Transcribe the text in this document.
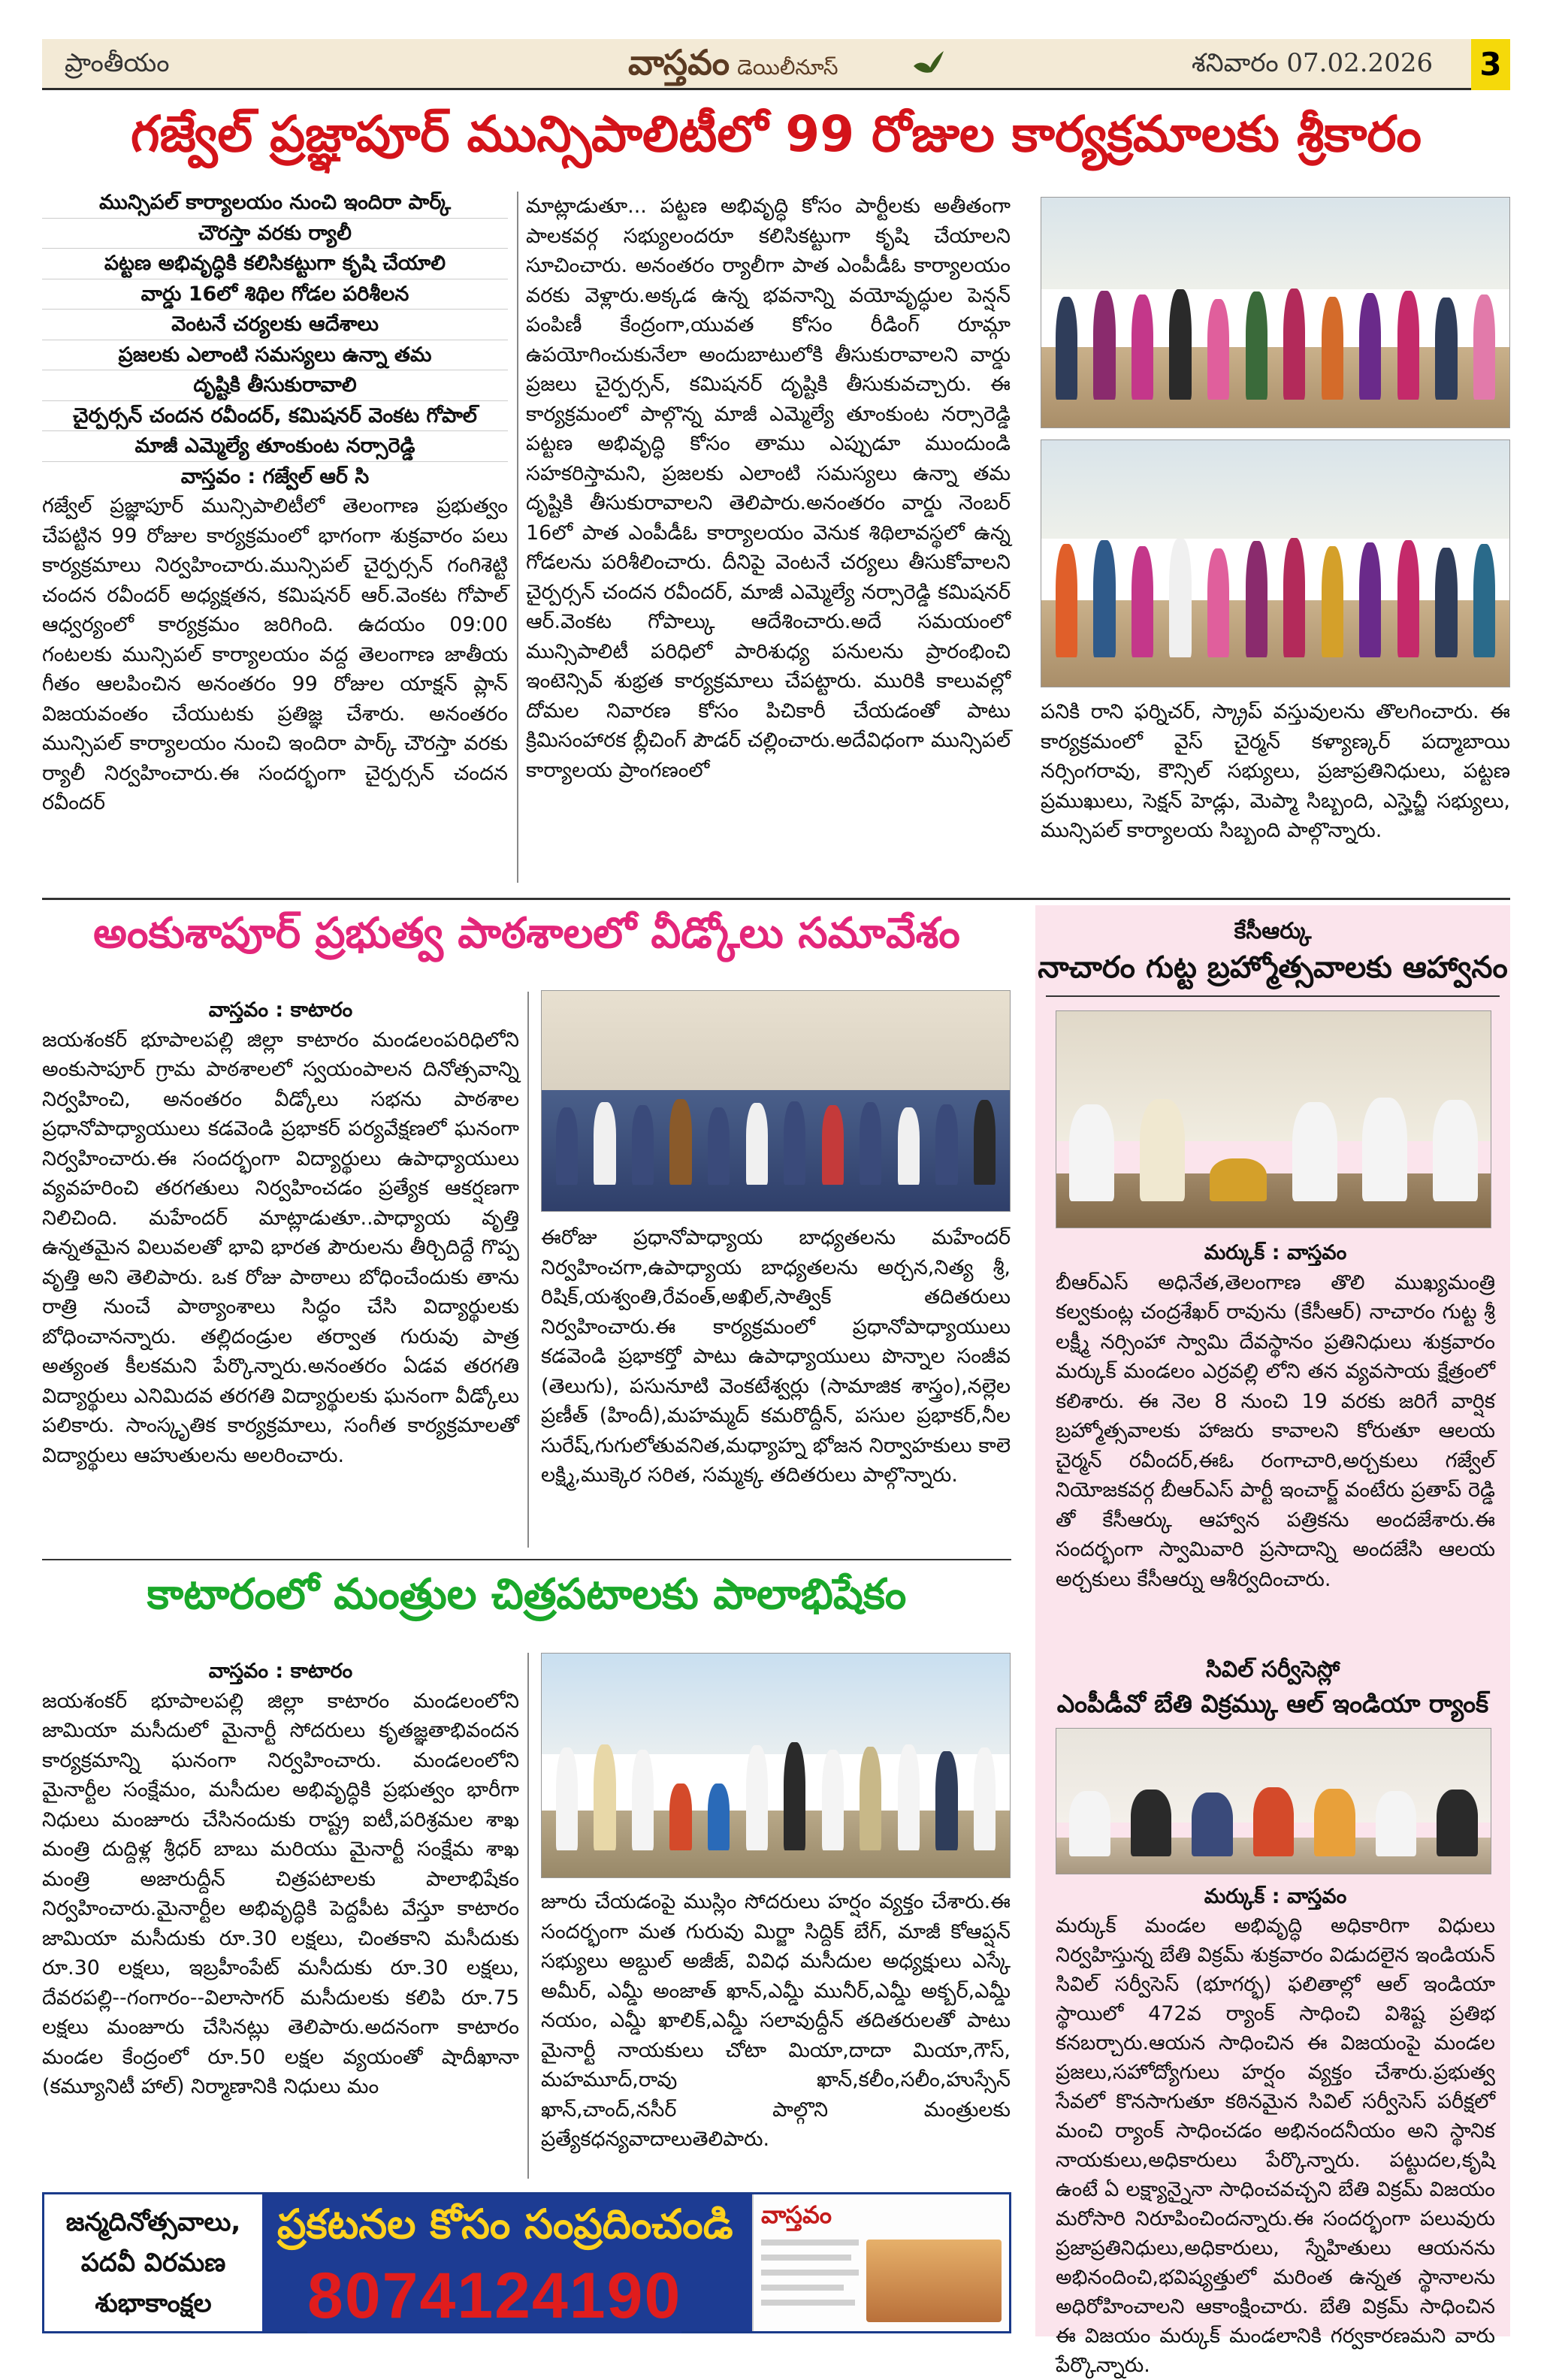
ప్రాంతీయం	వాస్తవం డెయిలీనూస్	శనివారం 07.02.2026 3
గజ్వేల్ ప్రజ్ఞాపూర్ మున్సిపాలిటీలో 99 రోజుల కార్యక్రమాలకు శ్రీకారం
మున్సిపల్ కార్యాలయం నుంచి ఇందిరా పార్క్
చౌరస్తా వరకు ర్యాలీ
పట్టణ అభివృద్ధికి కలిసికట్టుగా కృషి చేయాలి
వార్డు 16లో శిథిల గోడల పరిశీలన
వెంటనే చర్యలకు ఆదేశాలు
ప్రజలకు ఎలాంటి సమస్యలు ఉన్నా తమ
దృష్టికి తీసుకురావాలి
చైర్పర్సన్ చందన రవీందర్, కమిషనర్ వెంకట గోపాల్
మాజీ ఎమ్మెల్యే తూంకుంట నర్సారెడ్డి

వాస్తవం : గజ్వేల్ ఆర్ సి

గజ్వేల్ ప్రజ్ఞాపూర్ మున్సిపాలిటీలో తెలంగాణ ప్రభుత్వం చేపట్టిన 99 రోజుల కార్యక్రమంలో భాగంగా శుక్రవారం పలు కార్యక్రమాలు నిర్వహించారు.మున్సిపల్ చైర్పర్సన్ గంగిశెట్టి చందన రవీందర్ అధ్యక్షతన, కమిషనర్ ఆర్.వెంకట గోపాల్ ఆధ్వర్యంలో కార్యక్రమం జరిగింది. ఉదయం 09:00 గంటలకు మున్సిపల్ కార్యాలయం వద్ద తెలంగాణ జాతీయ గీతం ఆలపించిన అనంతరం 99 రోజుల యాక్షన్ ప్లాన్ విజయవంతం చేయుటకు ప్రతిజ్ఞ చేశారు. అనంతరం మున్సిపల్ కార్యాలయం నుంచి ఇందిరా పార్క్ చౌరస్తా వరకు ర్యాలీ నిర్వహించారు.ఈ సందర్భంగా చైర్పర్సన్ చందన రవీందర్

మాట్లాడుతూ... పట్టణ అభివృద్ధి కోసం పార్టీలకు అతీతంగా పాలకవర్గ సభ్యులందరూ కలిసికట్టుగా కృషి చేయాలని సూచించారు. అనంతరం ర్యాలీగా పాత ఎంపీడీఓ కార్యాలయం వరకు వెళ్లారు.అక్కడ ఉన్న భవనాన్ని వయోవృద్ధుల పెన్షన్ పంపిణీ కేంద్రంగా,యువత కోసం రీడింగ్ రూమ్గా ఉపయోగించుకునేలా అందుబాటులోకి తీసుకురావాలని వార్డు ప్రజలు చైర్పర్సన్, కమిషనర్ దృష్టికి తీసుకువచ్చారు. ఈ కార్యక్రమంలో పాల్గొన్న మాజీ ఎమ్మెల్యే తూంకుంట నర్సారెడ్డి పట్టణ అభివృద్ధి కోసం తాము ఎప్పుడూ ముందుండి సహకరిస్తామని, ప్రజలకు ఎలాంటి సమస్యలు ఉన్నా తమ దృష్టికి తీసుకురావాలని తెలిపారు.అనంతరం వార్డు నెంబర్ 16లో పాత ఎంపీడీఓ కార్యాలయం వెనుక శిథిలావస్థలో ఉన్న గోడలను పరిశీలించారు. దీనిపై వెంటనే చర్యలు తీసుకోవాలని చైర్పర్సన్ చందన రవీందర్, మాజీ ఎమ్మెల్యే నర్సారెడ్డి కమిషనర్ ఆర్.వెంకట గోపాల్కు ఆదేశించారు.అదే సమయంలో మున్సిపాలిటీ పరిధిలో పారిశుధ్య పనులను ప్రారంభించి ఇంటెన్సివ్ శుభ్రత కార్యక్రమాలు చేపట్టారు. మురికి కాలువల్లో దోమల నివారణ కోసం పిచికారీ చేయడంతో పాటు క్రిమిసంహారక బ్లీచింగ్ పౌడర్ చల్లించారు.అదేవిధంగా మున్సిపల్ కార్యాలయ ప్రాంగణంలో

పనికి రాని ఫర్నిచర్, స్క్రాప్ వస్తువులను తొలగించారు. ఈ కార్యక్రమంలో వైస్ చైర్మన్ కళ్యాణ్కర్ పద్మాబాయి నర్సింగరావు, కౌన్సిల్ సభ్యులు, ప్రజాప్రతినిధులు, పట్టణ ప్రముఖులు, సెక్షన్ హెడ్లు, మెప్మా సిబ్బంది, ఎస్హెచ్జీ సభ్యులు, మున్సిపల్ కార్యాలయ సిబ్బంది పాల్గొన్నారు.

అంకుశాపూర్ ప్రభుత్వ పాఠశాలలో వీడ్కోలు సమావేశం

వాస్తవం : కాటారం

జయశంకర్ భూపాలపల్లి జిల్లా కాటారం మండలంపరిధిలోని అంకుసాపూర్ గ్రామ పాఠశాలలో స్వయంపాలన దినోత్సవాన్ని నిర్వహించి, అనంతరం వీడ్కోలు సభను పాఠశాల ప్రధానోపాధ్యాయులు కడవెండి ప్రభాకర్ పర్యవేక్షణలో ఘనంగా నిర్వహించారు.ఈ సందర్భంగా విద్యార్థులు ఉపాధ్యాయులు వ్యవహరించి తరగతులు నిర్వహించడం ప్రత్యేక ఆకర్షణగా నిలిచింది. మహేందర్ మాట్లాడుతూ..పాధ్యాయ వృత్తి ఉన్నతమైన విలువలతో భావి భారత పౌరులను తీర్చిదిద్దే గొప్ప వృత్తి అని తెలిపారు. ఒక రోజు పాఠాలు బోధించేందుకు తాను రాత్రి నుంచే పాఠ్యాంశాలు సిద్ధం చేసి విద్యార్థులకు బోధించానన్నారు. తల్లిదండ్రుల తర్వాత గురువు పాత్ర అత్యంత కీలకమని పేర్కొన్నారు.అనంతరం ఏడవ తరగతి విద్యార్థులు ఎనిమిదవ తరగతి విద్యార్థులకు ఘనంగా వీడ్కోలు పలికారు. సాంస్కృతిక కార్యక్రమాలు, సంగీత కార్యక్రమాలతో విద్యార్థులు ఆహుతులను అలరించారు.

ఈరోజు ప్రధానోపాధ్యాయ బాధ్యతలను మహేందర్ నిర్వహించగా,ఉపాధ్యాయ బాధ్యతలను అర్చన,నిత్య శ్రీ, రిషిక్,యశ్వంతి,రేవంత్,అఖిల్,సాత్విక్ తదితరులు నిర్వహించారు.ఈ కార్యక్రమంలో ప్రధానోపాధ్యాయులు కడవెండి ప్రభాకర్తో పాటు ఉపాధ్యాయులు పొన్నాల సంజీవ (తెలుగు), పసునూటి వెంకటేశ్వర్లు (సామాజిక శాస్త్రం),నల్లెల ప్రణీత్ (హిందీ),మహమ్మద్ కమరొద్దీన్, పసుల ప్రభాకర్,నీల సురేష్,గుగులోతువనిత,మధ్యాహ్న భోజన నిర్వాహకులు కాలె లక్ష్మి,ముక్కెర సరిత, సమ్మక్క తదితరులు పాల్గొన్నారు.

కాటారంలో మంత్రుల చిత్రపటాలకు పాలాభిషేకం

వాస్తవం : కాటారం

జయశంకర్ భూపాలపల్లి జిల్లా కాటారం మండలంలోని జామియా మసీదులో మైనార్టీ సోదరులు కృతజ్ఞతాభివందన కార్యక్రమాన్ని ఘనంగా నిర్వహించారు. మండలంలోని మైనార్టీల సంక్షేమం, మసీదుల అభివృద్ధికి ప్రభుత్వం భారీగా నిధులు మంజూరు చేసినందుకు రాష్ట్ర ఐటీ,పరిశ్రమల శాఖ మంత్రి దుద్దిళ్ల శ్రీధర్ బాబు మరియు మైనార్టీ సంక్షేమ శాఖ మంత్రి అజారుద్దీన్ చిత్రపటాలకు పాలాభిషేకం నిర్వహించారు.మైనార్టీల అభివృద్ధికి పెద్దపీట వేస్తూ కాటారం జామియా మసీదుకు రూ.30 లక్షలు, చింతకాని మసీదుకు రూ.30 లక్షలు, ఇబ్రహీంపేట్ మసీదుకు రూ.30 లక్షలు, దేవరపల్లి--గంగారం--విలాసాగర్ మసీదులకు కలిపి రూ.75 లక్షలు మంజూరు చేసినట్లు తెలిపారు.అదనంగా కాటారం మండల కేంద్రంలో రూ.50 లక్షల వ్యయంతో షాదీఖానా (కమ్యూనిటీ హాల్) నిర్మాణానికి నిధులు మం

జూరు చేయడంపై ముస్లిం సోదరులు హర్షం వ్యక్తం చేశారు.ఈ సందర్భంగా మత గురువు మిర్జా సిద్దిక్ బేగ్, మాజీ కోఆప్షన్ సభ్యులు అబ్దుల్ అజీజ్, వివిధ మసీదుల అధ్యక్షులు ఎస్కే అమీర్, ఎమ్డీ అంజాత్ ఖాన్,ఎమ్డీ మునీర్,ఎమ్డీ అక్బర్,ఎమ్డీ నయం, ఎమ్డీ ఖాలిక్,ఎమ్డీ సలావుద్దీన్ తదితరులతో పాటు మైనార్టీ నాయకులు చోటా మియా,దాదా మియా,గౌస్, మహమూద్,రావు ఖాన్,కలీం,సలీం,హుస్సేన్ ఖాన్,చాంద్,నసీర్ పాల్గొని మంత్రులకు ప్రత్యేకధన్యవాదాలుతెలిపారు.

కేసీఆర్కు
నాచారం గుట్ట బ్రహ్మోత్సవాలకు ఆహ్వానం

మర్కుక్ : వాస్తవం

బీఆర్ఎస్ అధినేత,తెలంగాణ తొలి ముఖ్యమంత్రి కల్వకుంట్ల చంద్రశేఖర్ రావును (కేసీఆర్) నాచారం గుట్ట శ్రీ లక్ష్మీ నర్సింహా స్వామి దేవస్థానం ప్రతినిధులు శుక్రవారం మర్కుక్ మండలం ఎర్రవల్లి లోని తన వ్యవసాయ క్షేత్రంలో కలిశారు. ఈ నెల 8 నుంచి 19 వరకు జరిగే వార్షిక బ్రహ్మోత్సవాలకు హాజరు కావాలని కోరుతూ ఆలయ చైర్మన్ రవీందర్,ఈఓ రంగాచారి,అర్చకులు గజ్వేల్ నియోజకవర్గ బీఆర్ఎస్ పార్టీ ఇంచార్జ్ వంటేరు ప్రతాప్ రెడ్డి తో కేసీఆర్కు ఆహ్వాన పత్రికను అందజేశారు.ఈ సందర్భంగా స్వామివారి ప్రసాదాన్ని అందజేసి ఆలయ అర్చకులు కేసీఆర్ను ఆశీర్వదించారు.

సివిల్ సర్వీసెస్లో
ఎంపీడీవో బేతి విక్రమ్కు ఆల్ ఇండియా ర్యాంక్

మర్కుక్ : వాస్తవం

మర్కుక్ మండల అభివృద్ధి అధికారిగా విధులు నిర్వహిస్తున్న బేతి విక్రమ్ శుక్రవారం విడుదలైన ఇండియన్ సివిల్ సర్వీసెస్ (భూగర్భ) ఫలితాల్లో ఆల్ ఇండియా స్థాయిలో 472వ ర్యాంక్ సాధించి విశిష్ట ప్రతిభ కనబర్చారు.ఆయన సాధించిన ఈ విజయంపై మండల ప్రజలు,సహోద్యోగులు హర్షం వ్యక్తం చేశారు.ప్రభుత్వ సేవలో కొనసాగుతూ కఠినమైన సివిల్ సర్వీసెస్ పరీక్షలో మంచి ర్యాంక్ సాధించడం అభినందనీయం అని స్థానిక నాయకులు,అధికారులు పేర్కొన్నారు. పట్టుదల,కృషి ఉంటే ఏ లక్ష్యాన్నైనా సాధించవచ్చని బేతి విక్రమ్ విజయం మరోసారి నిరూపించిందన్నారు.ఈ సందర్భంగా పలువురు ప్రజాప్రతినిధులు,అధికారులు, స్నేహితులు ఆయనను అభినందించి,భవిష్యత్తులో మరింత ఉన్నత స్థానాలను అధిరోహించాలని ఆకాంక్షించారు. బేతి విక్రమ్ సాధించిన ఈ విజయం మర్కుక్ మండలానికి గర్వకారణమని వారు పేర్కొన్నారు.

జన్మదినోత్సవాలు,
పదవీ విరమణ
శుభాకాంక్షల
ప్రకటనల కోసం సంప్రదించండి
8074124190
వాస్తవం
